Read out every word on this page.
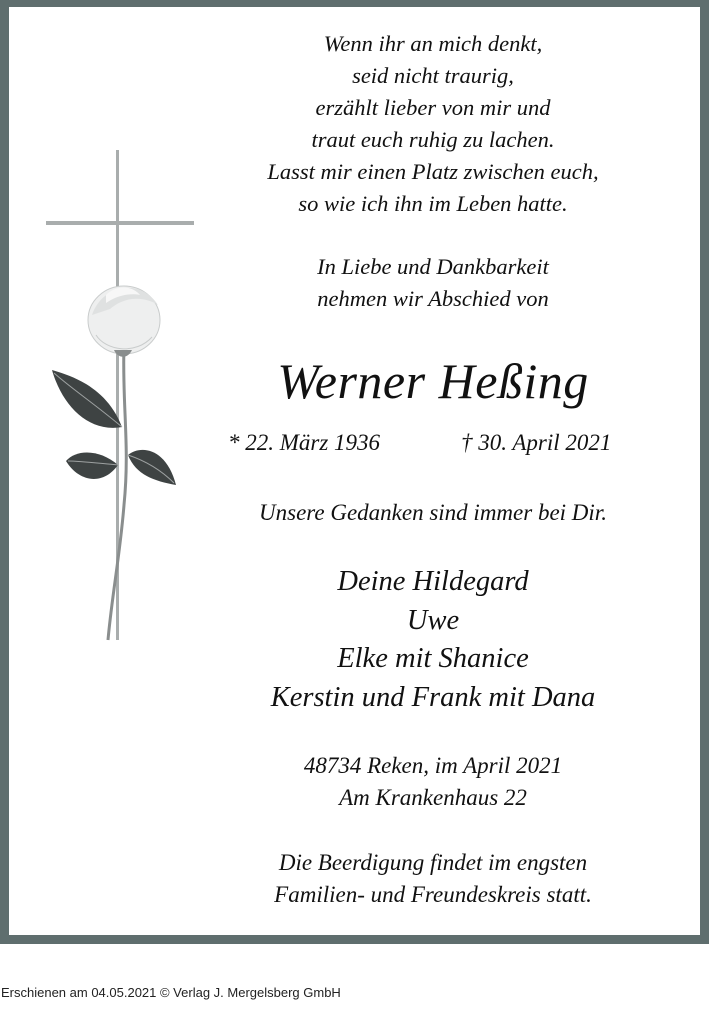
Wenn ihr an mich denkt,
seid nicht traurig,
erzählt lieber von mir und
traut euch ruhig zu lachen.
Lasst mir einen Platz zwischen euch,
so wie ich ihn im Leben hatte.
In Liebe und Dankbarkeit
nehmen wir Abschied von
Werner Heßing
* 22. März 1936	† 30. April 2021
Unsere Gedanken sind immer bei Dir.
Deine Hildegard
Uwe
Elke mit Shanice
Kerstin und Frank mit Dana
48734 Reken, im April 2021
Am Krankenhaus 22
Die Beerdigung findet im engsten
Familien- und Freundeskreis statt.
Erschienen am 04.05.2021 © Verlag J. Mergelsberg GmbH
